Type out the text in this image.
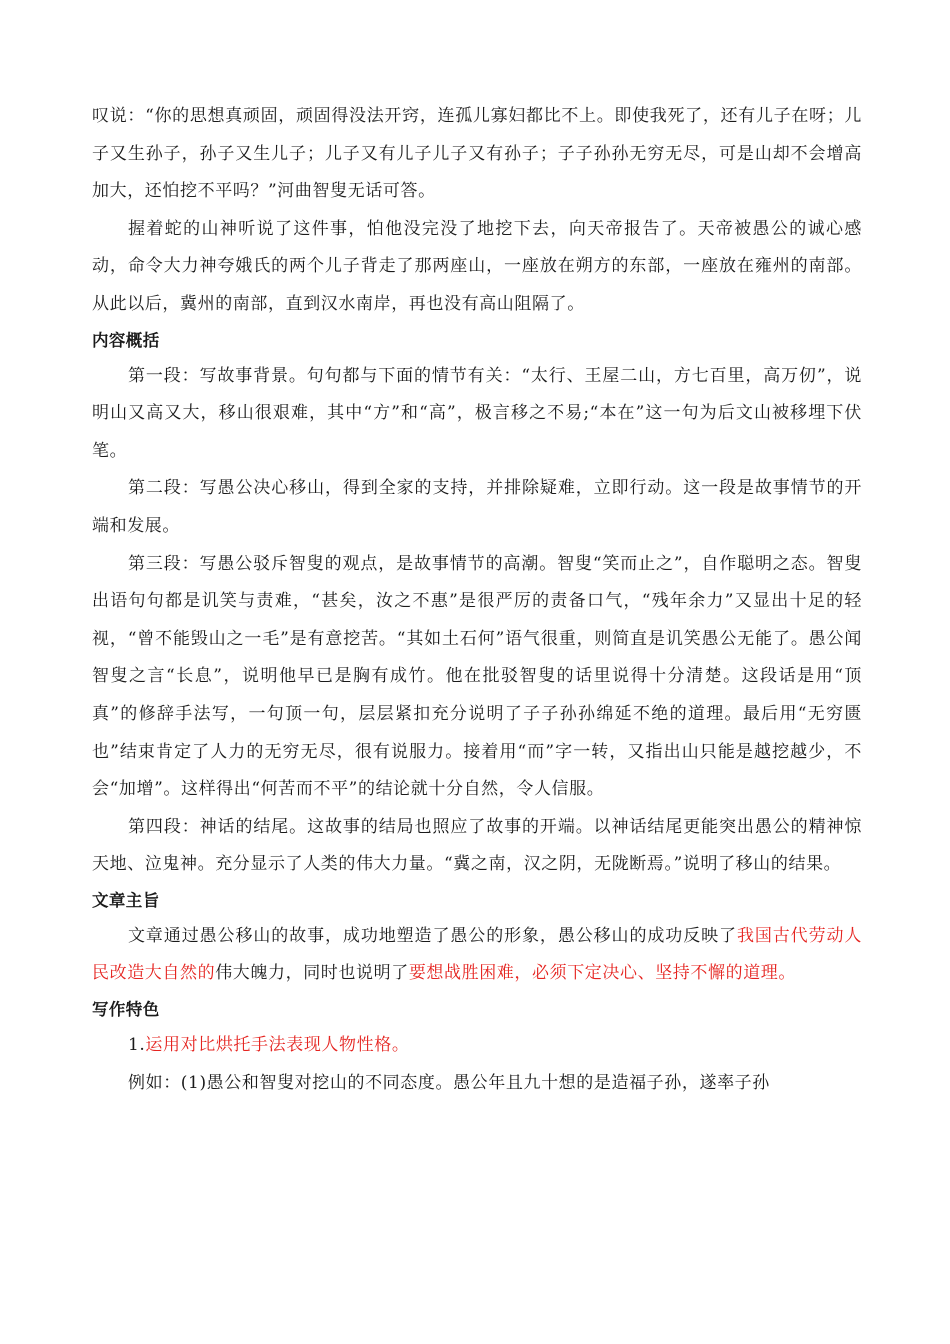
叹说：“你的思想真顽固，顽固得没法开窍，连孤儿寡妇都比不上。即使我死了，还有儿子在呀；儿子又生孙子，孙子又生儿子；儿子又有儿子儿子又有孙子；子子孙孙无穷无尽，可是山却不会增高加大，还怕挖不平吗？”河曲智叟无话可答。

握着蛇的山神听说了这件事，怕他没完没了地挖下去，向天帝报告了。天帝被愚公的诚心感动，命令大力神夸娥氏的两个儿子背走了那两座山，一座放在朔方的东部，一座放在雍州的南部。从此以后，冀州的南部，直到汉水南岸，再也没有高山阻隔了。

内容概括

第一段：写故事背景。句句都与下面的情节有关：“太行、王屋二山，方七百里，高万仞”，说明山又高又大，移山很艰难，其中“方”和“高”，极言移之不易;“本在”这一句为后文山被移埋下伏笔。

第二段：写愚公决心移山，得到全家的支持，并排除疑难，立即行动。这一段是故事情节的开端和发展。

第三段：写愚公驳斥智叟的观点，是故事情节的高潮。智叟“笑而止之”，自作聪明之态。智叟出语句句都是讥笑与责难，“甚矣，汝之不惠”是很严厉的责备口气，“残年余力”又显出十足的轻视，“曾不能毁山之一毛”是有意挖苦。“其如土石何”语气很重，则简直是讥笑愚公无能了。愚公闻智叟之言“长息”，说明他早已是胸有成竹。他在批驳智叟的话里说得十分清楚。这段话是用“顶真”的修辞手法写，一句顶一句，层层紧扣充分说明了子子孙孙绵延不绝的道理。最后用“无穷匮也”结束肯定了人力的无穷无尽，很有说服力。接着用“而”字一转，又指出山只能是越挖越少，不会“加增”。这样得出“何苦而不平”的结论就十分自然，令人信服。

第四段：神话的结尾。这故事的结局也照应了故事的开端。以神话结尾更能突出愚公的精神惊天地、泣鬼神。充分显示了人类的伟大力量。“冀之南，汉之阴，无陇断焉。”说明了移山的结果。

文章主旨

文章通过愚公移山的故事，成功地塑造了愚公的形象，愚公移山的成功反映了我国古代劳动人民改造大自然的伟大魄力，同时也说明了要想战胜困难，必须下定决心、坚持不懈的道理。

写作特色

1.运用对比烘托手法表现人物性格。

例如：(1)愚公和智叟对挖山的不同态度。愚公年且九十想的是造福子孙，遂率子孙
